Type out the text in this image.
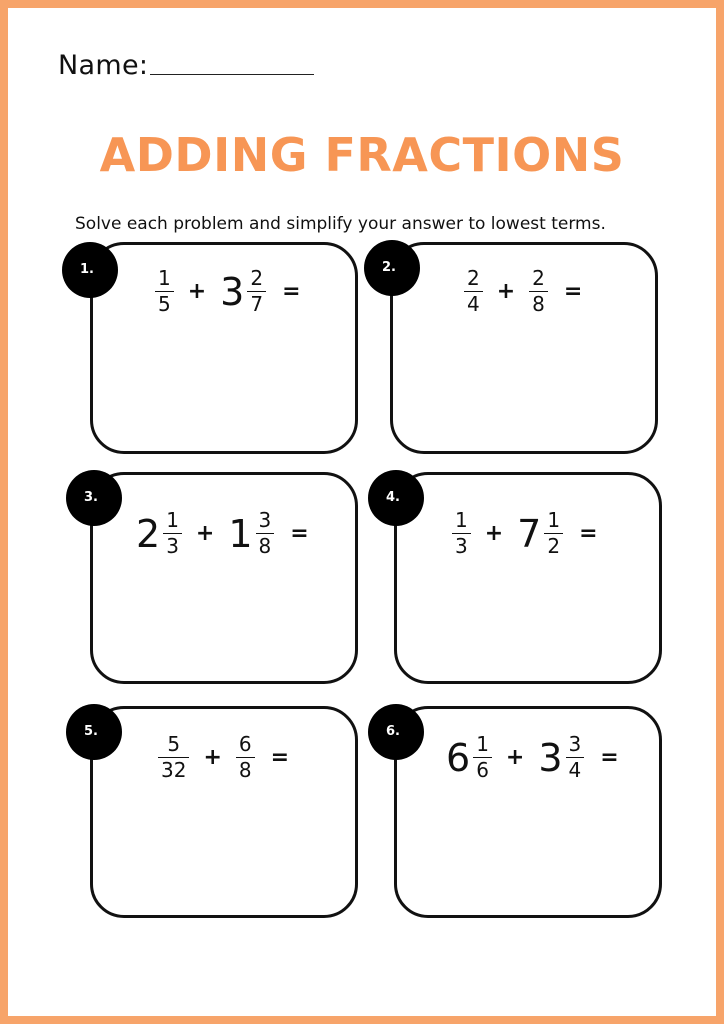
Name:
ADDING FRACTIONS
Solve each problem and simplify your answer to lowest terms.
1.	$\frac{1}{5} + 3 \frac{2}{7}$ =
2.
$\frac{2}{4} + \frac{2}{8}$ =
3.
$2 \frac{1}{3} + 1 \frac{3}{8}$ =
4.
$\frac{1}{3} + 7 \frac{1}{2}$ =
5.
$\frac{5}{32} + \frac{6}{8}$ =
6.
$6 \frac{1}{6} + 3 \frac{3}{4}$ =
